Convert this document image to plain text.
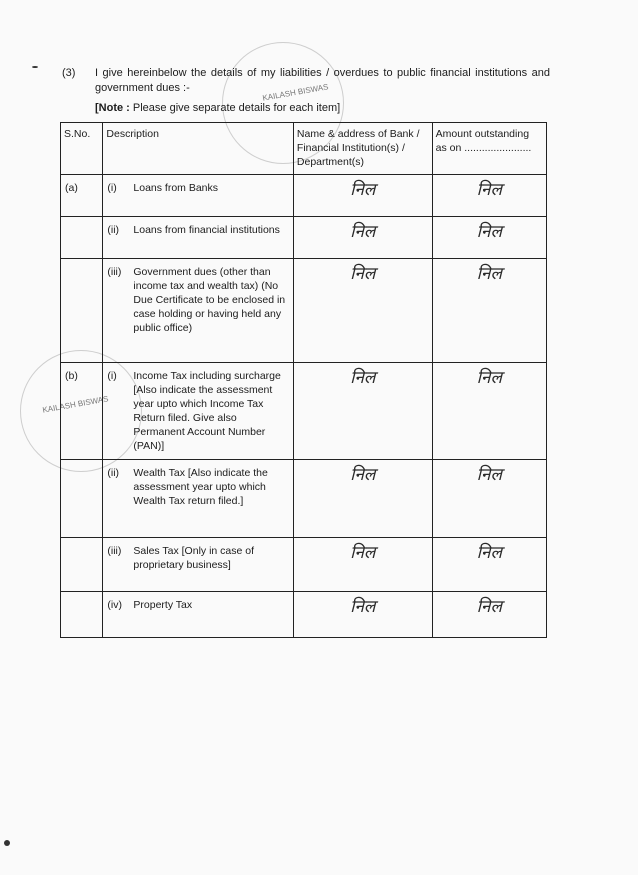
KAILASH BISWAS
KAILASH BISWAS
(3) I give hereinbelow the details of my liabilities / overdues to public financial institutions and government dues :-
[Note : Please give separate details for each item]
S.No.	Description	Name & address of Bank / Financial Institution(s) / Department(s)	Amount outstanding as on .......................
(a)	(i) Loans from Banks	निल	निल

	(ii) Loans from financial institutions	निल	निल

	(iii) Government dues (other than income tax and wealth tax) (No Due Certificate to be enclosed in case holding or having held any public office)	निल	निल
(b)	(i) Income Tax including surcharge [Also indicate the assessment year upto which Income Tax Return filed. Give also Permanent Account Number (PAN)]	निल	निल

	(ii) Wealth Tax [Also indicate the assessment year upto which Wealth Tax return filed.]	निल	निल

	(iii) Sales Tax [Only in case of proprietary business]	निल	निल

	(iv) Property Tax	निल	निल
